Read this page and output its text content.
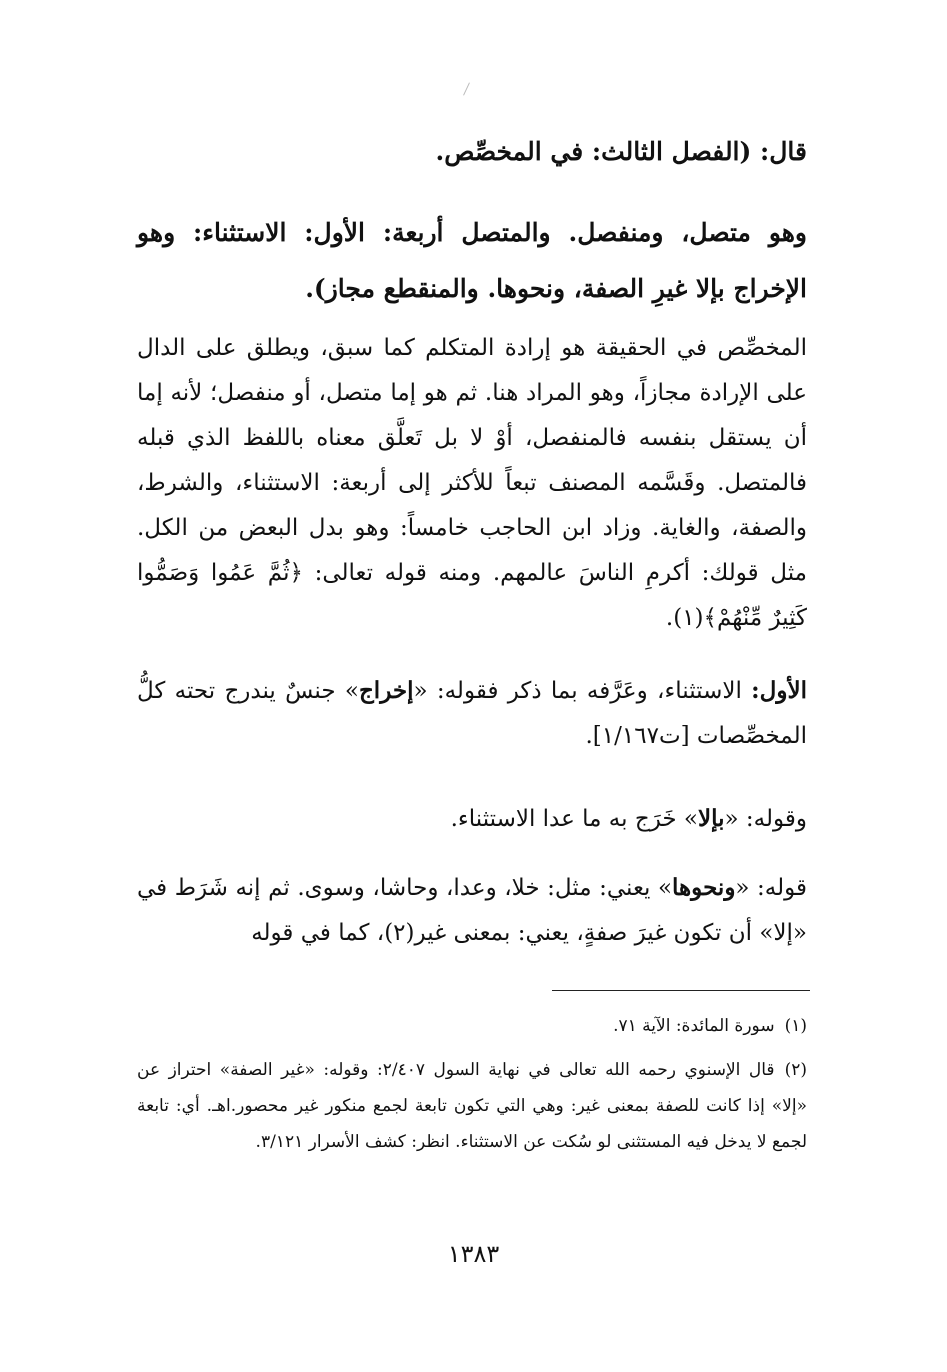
قال: (الفصل الثالث: في المخصِّص.
وهو متصل، ومنفصل. والمتصل أربعة: الأول: الاستثناء: وهو الإخراج بإلا غيرِ الصفة، ونحوها. والمنقطع مجاز).
المخصِّص في الحقيقة هو إرادة المتكلم كما سبق، ويطلق على الدال على الإرادة مجازاً، وهو المراد هنا. ثم هو إما متصل، أو منفصل؛ لأنه إما أن يستقل بنفسه فالمنفصل، أوْ لا بل تَعلَّق معناه باللفظ الذي قبله فالمتصل. وقَسَّمه المصنف تبعاً للأكثر إلى أربعة: الاستثناء، والشرط، والصفة، والغاية. وزاد ابن الحاجب خامساً: وهو بدل البعض من الكل. مثل قولك: أكرمِ الناسَ عالمهم. ومنه قوله تعالى: ﴿ثُمَّ عَمُوا وَصَمُّوا كَثِيرٌ مِّنْهُمْ﴾(١).
الأول: الاستثناء، وعَرَّفه بما ذكر فقوله: «إخراج» جنسٌ يندرج تحته كلُّ المخصِّصات [ت١/١٦٧].
وقوله: «بإلا» خَرَج به ما عدا الاستثناء.
قوله: «ونحوها» يعني: مثل: خلا، وعدا، وحاشا، وسوى. ثم إنه شَرَط في «إلا» أن تكون غيرَ صفةٍ، يعني: بمعنى غير(٢)، كما في قوله
(١)سورة المائدة: الآية ٧١.
(٢)قال الإسنوي رحمه الله تعالى في نهاية السول ٢/٤٠٧: وقوله: «غير الصفة» احتراز عن «إلا» إذا كانت للصفة بمعنى غير: وهي التي تكون تابعة لجمع منكور غير محصور.اهـ. أي: تابعة لجمع لا يدخل فيه المستثنى لو سُكت عن الاستثناء. انظر: كشف الأسرار ٣/١٢١.
١٣٨٣
